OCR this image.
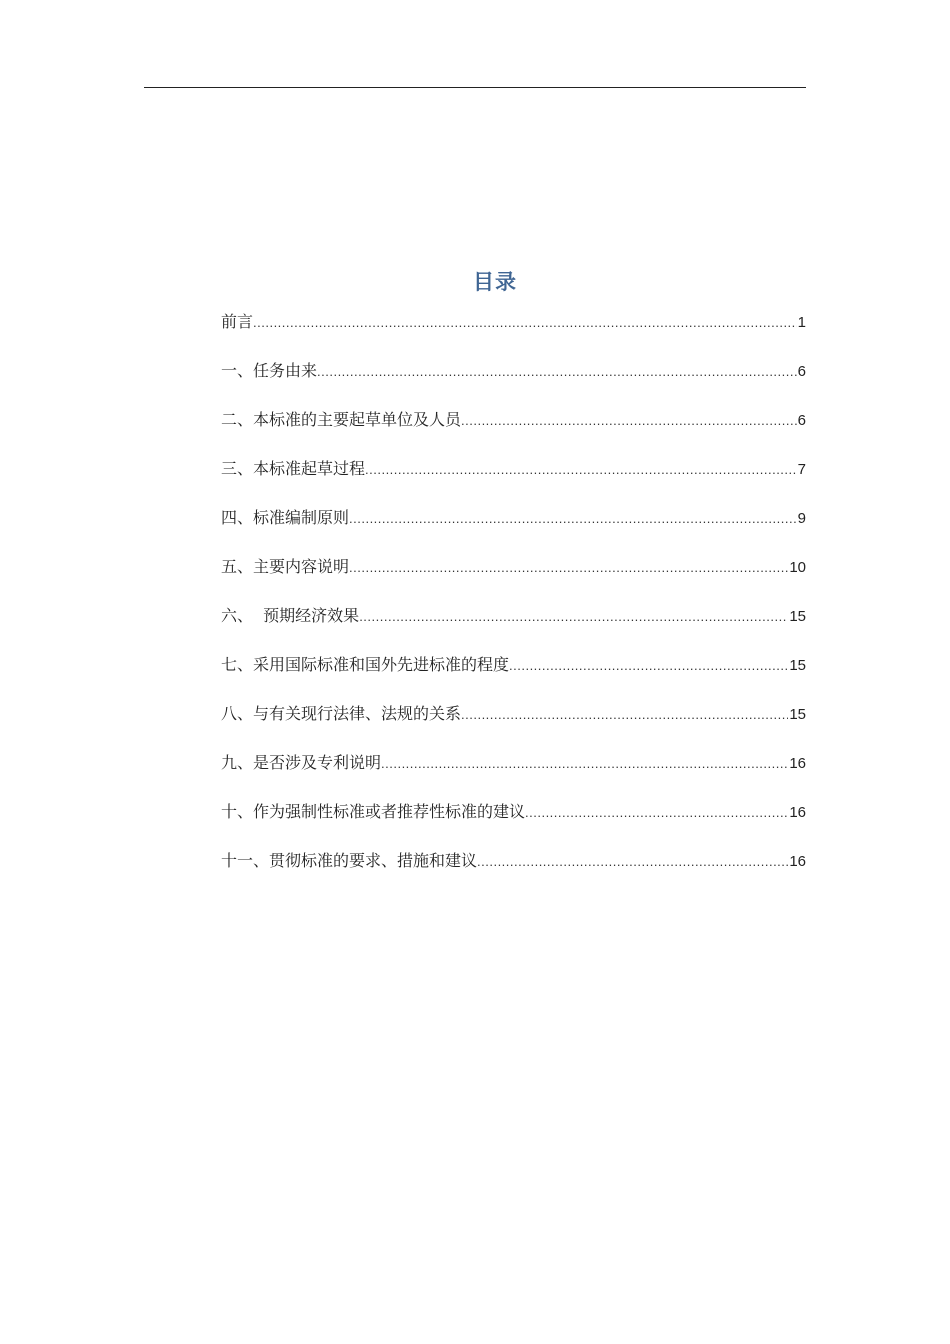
目录
前言 .....	1
一、任务由来 .....	6
二、本标准的主要起草单位及人员 .....	6
三、本标准起草过程 .....	7
四、标准编制原则 .....	9
五、主要内容说明 .....	10
六、  预期经济效果 .....	15
七、采用国际标准和国外先进标准的程度 .....	15
八、与有关现行法律、法规的关系 .....	15
九、是否涉及专利说明 .....	16
十、作为强制性标准或者推荐性标准的建议 .....	16
十一、贯彻标准的要求、措施和建议 .....	16
